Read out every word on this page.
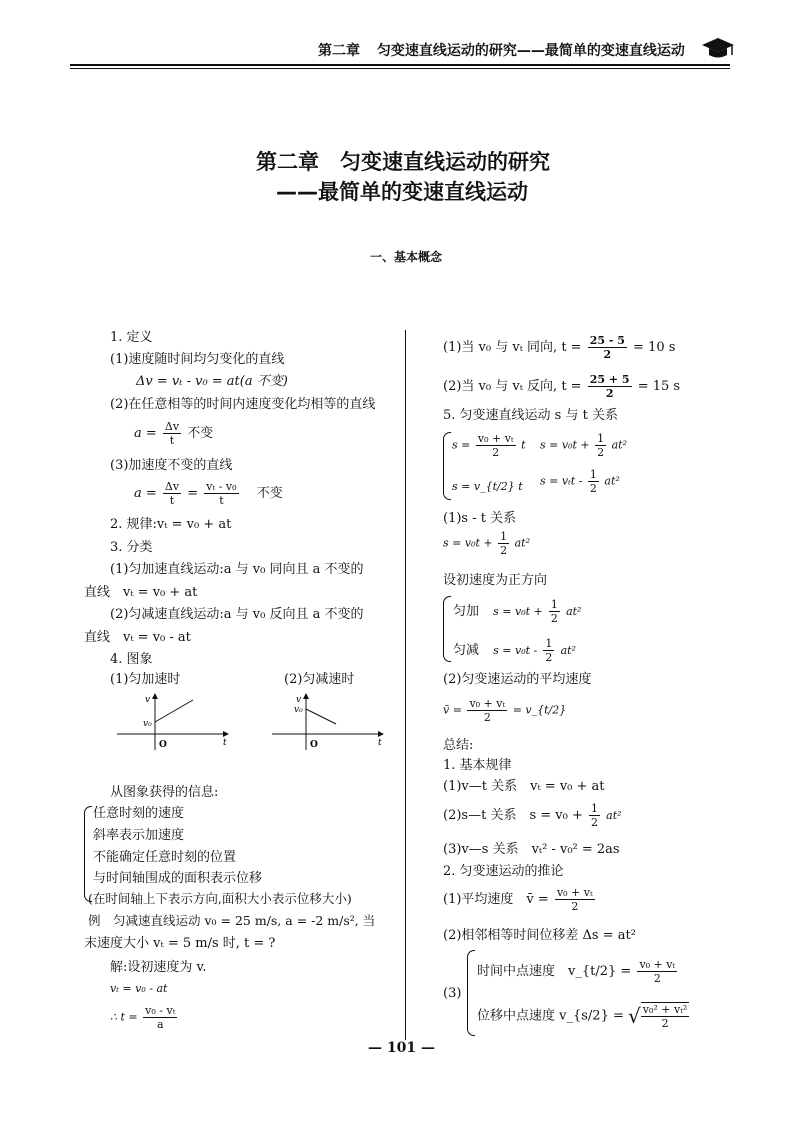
第二章 匀变速直线运动的研究——最简单的变速直线运动
第二章　匀变速直线运动的研究
——最简单的变速直线运动
一、基本概念
1. 定义
(1)速度随时间均匀变化的直线
Δv = vₜ - v₀ = at(a 不变)
(2)在任意相等的时间内速度变化均相等的直线
$a = \frac{\Delta v}{t}$ 不变
(3)加速度不变的直线
$a = \frac{\Delta v}{t} = \frac{\text{vₜ - v₀}}{t}$ 不变
2. 规律:vₜ = v₀ + at
3. 分类
(1)匀加速直线运动:a 与 v₀ 同向且 a 不变的
直线　vₜ = v₀ + at
(2)匀减速直线运动:a 与 v₀ 反向且 a 不变的
直线　vₜ = v₀ - at
4. 图象
(1)匀加速时	(2)匀减速时
v
v₀
t
O
v
v₀
t
O
从图象获得的信息:
任意时刻的速度
斜率表示加速度
不能确定任意时刻的位置
与时间轴围成的面积表示位移
(在时间轴上下表示方向,面积大小表示位移大小)
例　匀减速直线运动 v₀ = 25 m/s, a = -2 m/s², 当
末速度大小 vₜ = 5 m/s 时, t = ?
解:设初速度为 v.
vₜ = v₀ - at
∴ $t = \frac{\text{v₀ - vₜ}}{a}$
(1)当 v₀ 与 vₜ 同向, $t = \frac{25 - 5}{2} = 10$ s
(2)当 v₀ 与 vₜ 反向, $t = \frac{25 + 5}{2} = 15$ s
5. 匀变速直线运动 s 与 t 关系
$s = \frac{\text{v₀ + vₜ}}{2}$ t $s = v_0t + \frac{1}{2} at^2$
s = v_{t/2} t $s = v_tt - \frac{1}{2} at^2$
(1)s - t 关系
$s = v_0t + \frac{1}{2} at^2$
设初速度为正方向
匀加 $s = v_0t + \frac{1}{2} at^2$
匀减 $s = v_0t - \frac{1}{2} at^2$
(2)匀变速运动的平均速度
v̄ = $\frac{\text{v₀ + vₜ}}{2}$ = v_{t/2}
总结:
1. 基本规律
(1)v—t 关系　vₜ = v₀ + at
(2)s—t 关系　$s = v_0 + \frac{1}{2} at^2$
(3)v—s 关系　vₜ² - v₀² = 2as
2. 匀变速运动的推论
(1)平均速度　v̄ = $\frac{\text{v₀ + vₜ}}{2}$
(2)相邻相等时间位移差 Δs = at²
(3)
时间中点速度　v_{t/2} = $\frac{\text{v₀ + vₜ}}{2}$
位移中点速度 v_{s/2} = √ $\frac{\text{v₀² + vₜ²}}{2}$
— 101 —
